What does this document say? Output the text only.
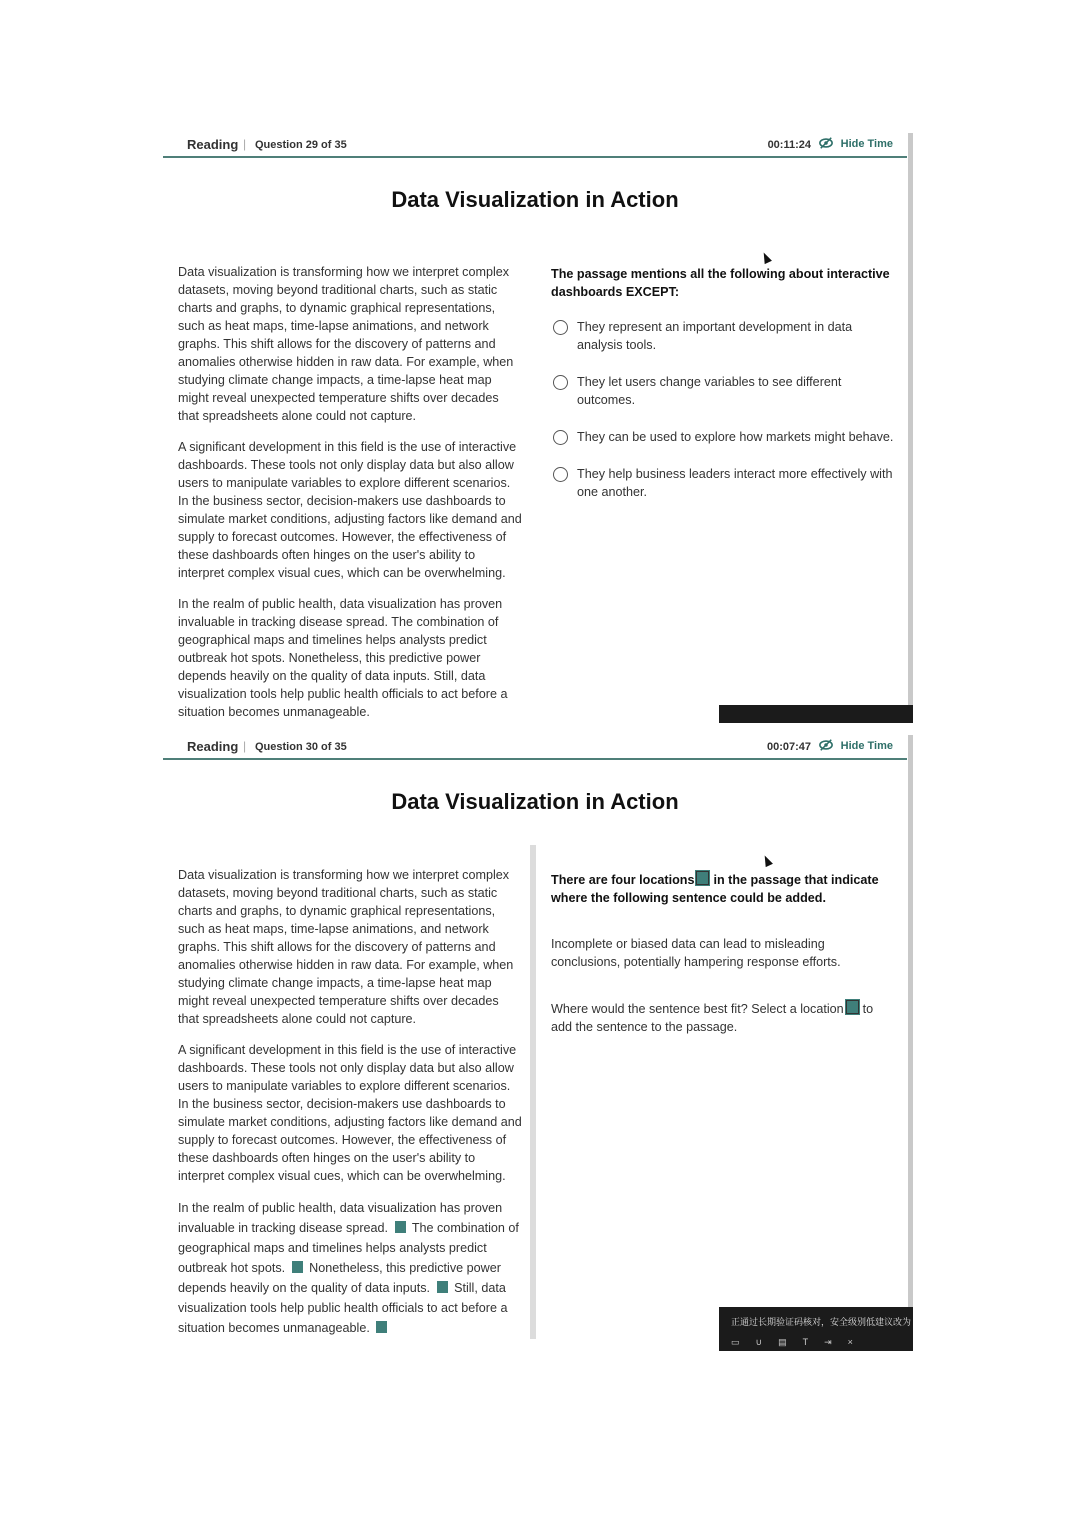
Reading | Question 29 of 35	00:11:24	Hide Time
Data Visualization in Action

Data visualization is transforming how we interpret complex datasets, moving beyond traditional charts, such as static charts and graphs, to dynamic graphical representations, such as heat maps, time-lapse animations, and network graphs. This shift allows for the discovery of patterns and anomalies otherwise hidden in raw data. For example, when studying climate change impacts, a time-lapse heat map might reveal unexpected temperature shifts over decades that spreadsheets alone could not capture.

A significant development in this field is the use of interactive dashboards. These tools not only display data but also allow users to manipulate variables to explore different scenarios. In the business sector, decision-makers use dashboards to simulate market conditions, adjusting factors like demand and supply to forecast outcomes. However, the effectiveness of these dashboards often hinges on the user's ability to interpret complex visual cues, which can be overwhelming.

In the realm of public health, data visualization has proven invaluable in tracking disease spread. The combination of geographical maps and timelines helps analysts predict outbreak hot spots. Nonetheless, this predictive power depends heavily on the quality of data inputs. Still, data visualization tools help public health officials to act before a situation becomes unmanageable.

The passage mentions all the following about interactive dashboards EXCEPT:
They represent an important development in data analysis tools.
They let users change variables to see different outcomes.
They can be used to explore how markets might behave.
They help business leaders interact more effectively with one another.
Reading | Question 30 of 35	00:07:47	Hide Time
Data Visualization in Action

Data visualization is transforming how we interpret complex datasets, moving beyond traditional charts, such as static charts and graphs, to dynamic graphical representations, such as heat maps, time-lapse animations, and network graphs. This shift allows for the discovery of patterns and anomalies otherwise hidden in raw data. For example, when studying climate change impacts, a time-lapse heat map might reveal unexpected temperature shifts over decades that spreadsheets alone could not capture.

A significant development in this field is the use of interactive dashboards. These tools not only display data but also allow users to manipulate variables to explore different scenarios. In the business sector, decision-makers use dashboards to simulate market conditions, adjusting factors like demand and supply to forecast outcomes. However, the effectiveness of these dashboards often hinges on the user's ability to interpret complex visual cues, which can be overwhelming.

In the realm of public health, data visualization has proven invaluable in tracking disease spread. The combination of geographical maps and timelines helps analysts predict outbreak hot spots. Nonetheless, this predictive power depends heavily on the quality of data inputs. Still, data visualization tools help public health officials to act before a situation becomes unmanageable.

There are four locations in the passage that indicate where the following sentence could be added.
Incomplete or biased data can lead to misleading conclusions, potentially hampering response efforts.
Where would the sentence best fit? Select a location to add the sentence to the passage.
正通过长期验证码核对，安全级别低建议改为
▭∪▤T⇥×
